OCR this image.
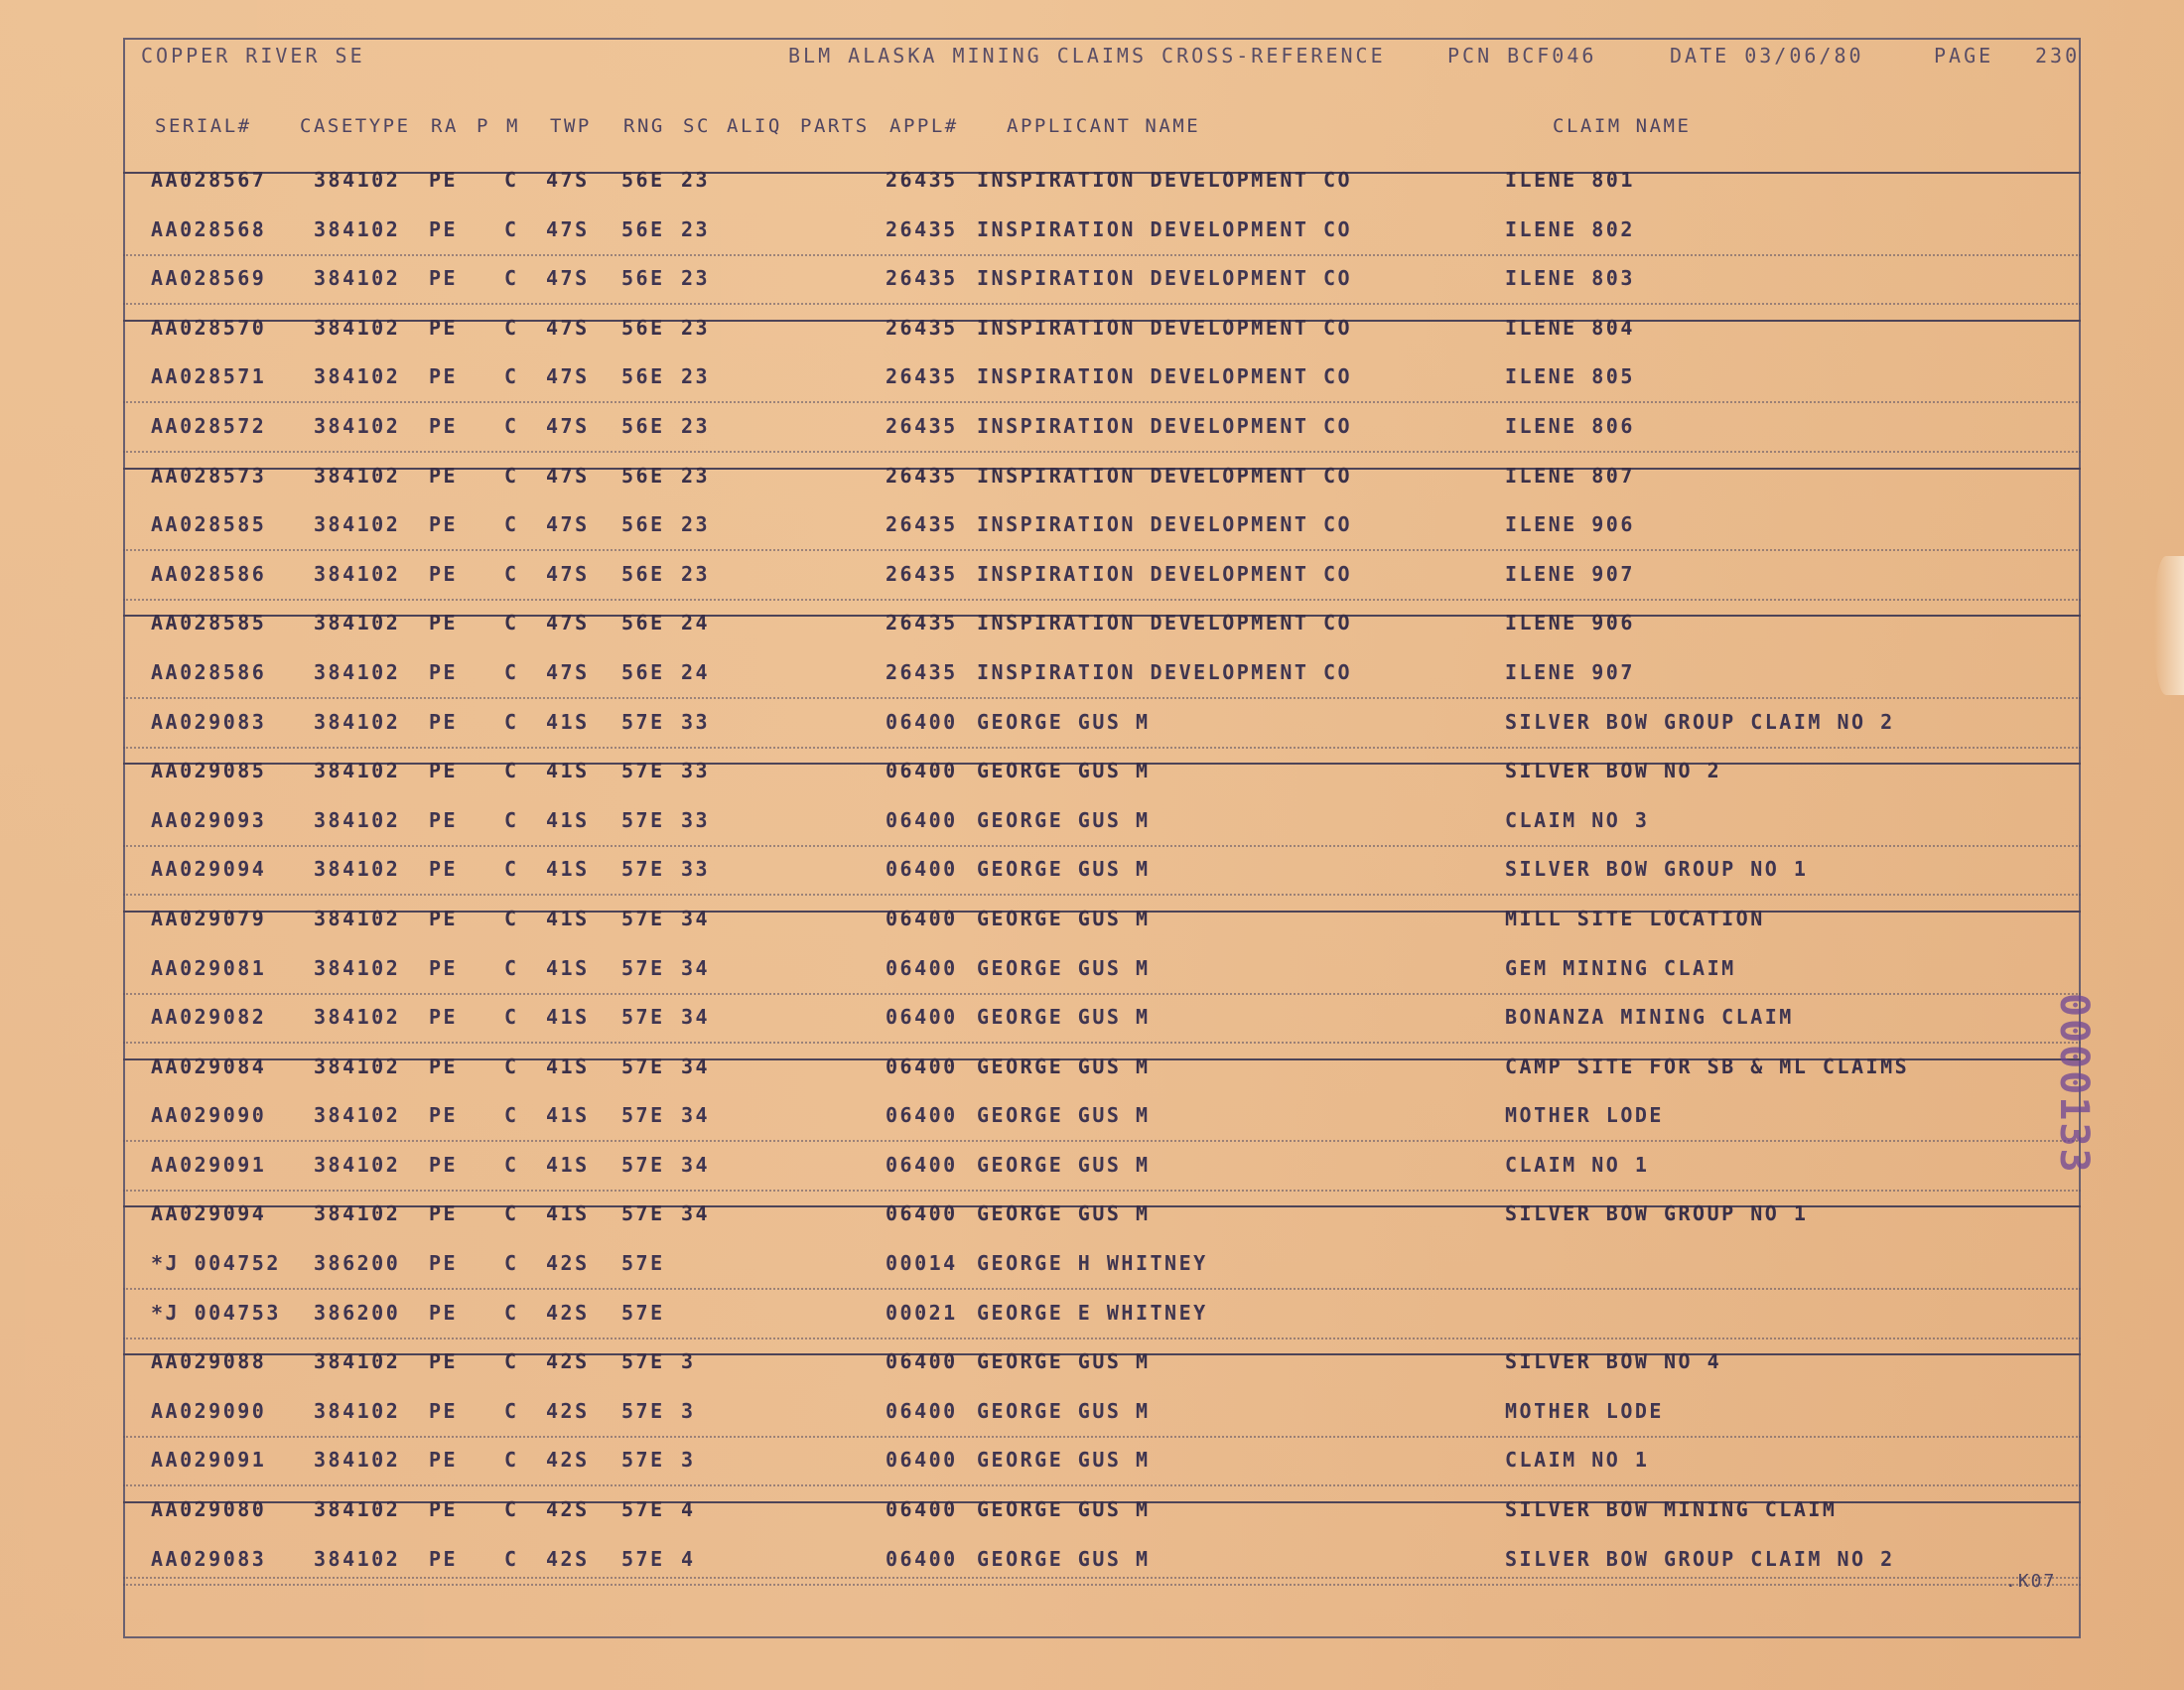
COPPER RIVER SE	BLM ALASKA MINING CLAIMS CROSS-REFERENCE	PCN BCF046	DATE 03/06/80	PAGE 230
SERIAL#	CASETYPE RA P M TWP RNG SC ALIQ PARTS APPL#	APPLICANT NAME	CLAIM NAME
AA028567 384102 PE C 47S 56E 23	26435 INSPIRATION DEVELOPMENT CO	ILENE 801
AA028568 384102 PE C 47S 56E 23	26435 INSPIRATION DEVELOPMENT CO	ILENE 802
AA028569 384102 PE C 47S 56E 23	26435 INSPIRATION DEVELOPMENT CO	ILENE 803
AA028570 384102 PE C 47S 56E 23	26435 INSPIRATION DEVELOPMENT CO	ILENE 804
AA028571 384102 PE C 47S 56E 23	26435 INSPIRATION DEVELOPMENT CO	ILENE 805
AA028572 384102 PE C 47S 56E 23	26435 INSPIRATION DEVELOPMENT CO	ILENE 806
AA028573 384102 PE C 47S 56E 23	26435 INSPIRATION DEVELOPMENT CO	ILENE 807
AA028585 384102 PE C 47S 56E 23	26435 INSPIRATION DEVELOPMENT CO	ILENE 906
AA028586 384102 PE C 47S 56E 23	26435 INSPIRATION DEVELOPMENT CO	ILENE 907
AA028585 384102 PE C 47S 56E 24	26435 INSPIRATION DEVELOPMENT CO	ILENE 906
AA028586 384102 PE C 47S 56E 24	26435 INSPIRATION DEVELOPMENT CO	ILENE 907
AA029083 384102 PE C 41S 57E 33	06400 GEORGE GUS M	SILVER BOW GROUP CLAIM NO 2
AA029085 384102 PE C 41S 57E 33	06400 GEORGE GUS M	SILVER BOW NO 2
AA029093 384102 PE C 41S 57E 33	06400 GEORGE GUS M	CLAIM NO 3
AA029094 384102 PE C 41S 57E 33	06400 GEORGE GUS M	SILVER BOW GROUP NO 1
AA029079 384102 PE C 41S 57E 34	06400 GEORGE GUS M	MILL SITE LOCATION
AA029081 384102 PE C 41S 57E 34	06400 GEORGE GUS M	GEM MINING CLAIM
AA029082 384102 PE C 41S 57E 34	06400 GEORGE GUS M	BONANZA MINING CLAIM
AA029084 384102 PE C 41S 57E 34	06400 GEORGE GUS M	CAMP SITE FOR SB & ML CLAIMS
AA029090 384102 PE C 41S 57E 34	06400 GEORGE GUS M	MOTHER LODE
AA029091 384102 PE C 41S 57E 34	06400 GEORGE GUS M	CLAIM NO 1
AA029094 384102 PE C 41S 57E 34	06400 GEORGE GUS M	SILVER BOW GROUP NO 1
*J 004752 386200 PE C 42S 57E	00014 GEORGE H WHITNEY
*J 004753 386200 PE C 42S 57E	00021 GEORGE E WHITNEY
AA029088 384102 PE C 42S 57E 3	06400 GEORGE GUS M	SILVER BOW NO 4
AA029090 384102 PE C 42S 57E 3	06400 GEORGE GUS M	MOTHER LODE
AA029091 384102 PE C 42S 57E 3	06400 GEORGE GUS M	CLAIM NO 1
AA029080 384102 PE C 42S 57E 4	06400 GEORGE GUS M	SILVER BOW MINING CLAIM
AA029083 384102 PE C 42S 57E 4	06400 GEORGE GUS M	SILVER BOW GROUP CLAIM NO 2
.K07
0000133
